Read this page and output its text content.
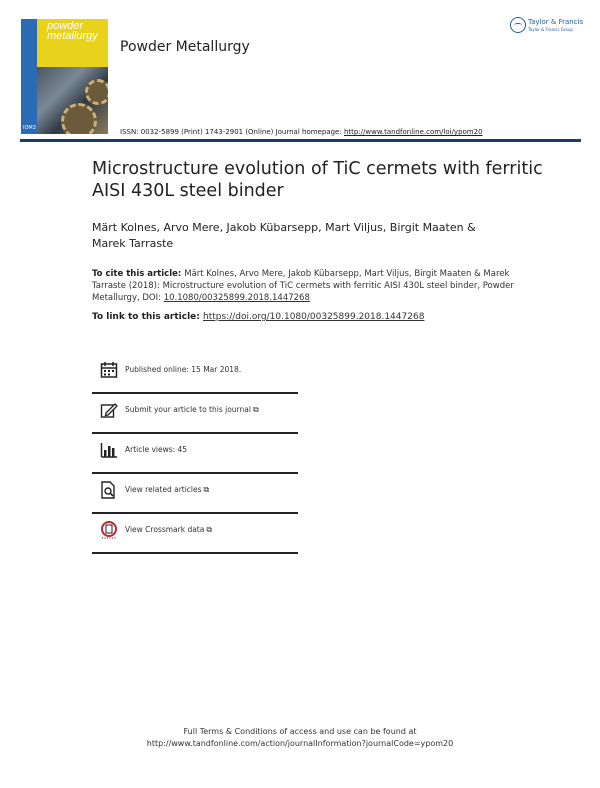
powder
metallurgy
IOM3
Powder Metallurgy
Taylor & Francis
Taylor & Francis Group
ISSN: 0032-5899 (Print) 1743-2901 (Online) Journal homepage: http://www.tandfonline.com/loi/ypom20
Microstructure evolution of TiC cermets with ferritic AISI 430L steel binder
Märt Kolnes, Arvo Mere, Jakob Kübarsepp, Mart Viljus, Birgit Maaten & Marek Tarraste
To cite this article: Märt Kolnes, Arvo Mere, Jakob Kübarsepp, Mart Viljus, Birgit Maaten & Marek Tarraste (2018): Microstructure evolution of TiC cermets with ferritic AISI 430L steel binder, Powder Metallurgy, DOI: 10.1080/00325899.2018.1447268
To link to this article: https://doi.org/10.1080/00325899.2018.1447268
Published online: 15 Mar 2018.
Submit your article to this journal ⧉
Article views: 45
View related articles ⧉
View Crossmark data ⧉
Full Terms & Conditions of access and use can be found at
http://www.tandfonline.com/action/journalInformation?journalCode=ypom20
